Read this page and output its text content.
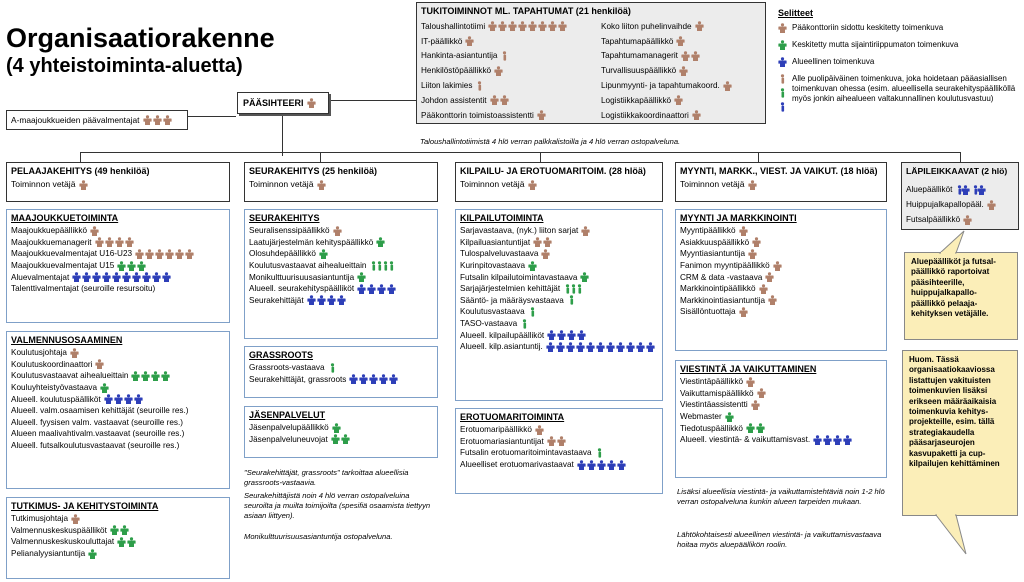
Organisaatiorakenne
(4 yhteistoiminta-aluetta)
A-maajoukkueiden päävalmentajat
PÄÄSIHTEERI
TUKITOIMINNOT ML. TAPAHTUMAT (21 henkilöä)
Taloushallintotiimi
IT-päällikkö
Hankinta-asiantuntija
Henkilöstöpäällikkö
Liiton lakimies
Johdon assistentit
Pääkonttorin toimistoassistentti
Koko liiton puhelinvaihde
Tapahtumapäällikkö
Tapahtumamanagerit
Turvallisuuspäällikkö
Lipunmyynti- ja tapahtumakoord.
Logistiikkapäällikkö
Logistiikkakoordinaattori
Taloushallintotiimistä 4 hlö verran palkkalistoilla ja 4 hlö verran ostopalveluna.
Selitteet
Pääkonttoriin sidottu keskitetty toimenkuva
Keskitetty mutta sijaintiriippumaton toimenkuva
Alueellinen toimenkuva
Alle puolipäiväinen toimenkuva, joka hoidetaan pääasiallisen toimenkuvan ohessa (esim. alueellisella seurakehityspäälliköllä myös jonkin aihealueen valtakunnallinen koulutusvastuu)
PELAAJAKEHITYS (49 henkilöä)
Toiminnon vetäjä
MAAJOUKKUETOIMINTA
Maajoukkuepäällikkö
Maajoukkuemanagerit
Maajoukkuevalmentajat U16-U23
Maajoukkuevalmentajat U15
Aluevalmentajat
Talenttivalmentajat (seuroille resursoitu)
VALMENNUSOSAAMINEN
Koulutusjohtaja
Koulutuskoordinaattori
Koulutusvastaavat aihealueittain
Kouluyhteistyövastaava
Alueell. koulutuspäälliköt
Alueell. valm.osaamisen kehittäjät (seuroille res.)
Alueell. fyysisen valm. vastaavat (seuroille res.)
Alueen maalivahtivalm.vastaavat (seuroille res.)
Alueell. futsalkoulutusvastaavat (seuroille res.)
TUTKIMUS- JA KEHITYSTOIMINTA
Tutkimusjohtaja
Valmennuskeskuspäälliköt
Valmennuskeskuskouluttajat
Pelianalyysiantuntija
SEURAKEHITYS (25 henkilöä)
Toiminnon vetäjä
SEURAKEHITYS
Seuralisenssipäällikkö
Laatujärjestelmän kehityspäällikkö
Olosuhdepäällikkö
Koulutusvastaavat aihealueittain
Monikulttuurisuusasiantuntija
Alueell. seurakehityspäälliköt
Seurakehittäjät
GRASSROOTS
Grassroots-vastaava
Seurakehittäjät, grassroots
JÄSENPALVELUT
Jäsenpalvelupäällikkö
Jäsenpalveluneuvojat
"Seurakehittäjät, grassroots" tarkoittaa alueellisia grassroots-vastaavia.
Seurakehittäjistä noin 4 hlö verran ostopalveluina seuroilta ja muilta toimijoilta (spesifiä osaamista tiettyyn asiaan liittyen).
Monikulttuurisuusasiantuntija ostopalveluna.
KILPAILU- JA EROTUOMARITOIM. (28 hlöä)
Toiminnon vetäjä
KILPAILUTOIMINTA
Sarjavastaava, (nyk.) liiton sarjat
Kilpailuasiantuntijat
Tulospalveluvastaava
Kurinpitovastaava
Futsalin kilpailutoimintavastaava
Sarjajärjestelmien kehittäjät
Sääntö- ja määräysvastaava
Koulutusvastaava
TASO-vastaava
Alueell. kilpailupäälliköt
Alueell. kilp.asiantuntij.
EROTUOMARITOIMINTA
Erotuomaripäällikkö
Erotuomariasiantuntijat
Futsalin erotuomaritoimintavastaava
Alueelliset erotuomarivastaavat
MYYNTI, MARKK., VIEST. JA VAIKUT. (18 hlöä)
Toiminnon vetäjä
MYYNTI JA MARKKINOINTI
Myyntipäällikkö
Asiakkuuspäällikkö
Myyntiasiantuntija
Fanimon myyntipäällikkö
CRM & data -vastaava
Markkinointipäällikkö
Markkinointiasiantuntija
Sisällöntuottaja
VIESTINTÄ JA VAIKUTTAMINEN
Viestintäpäällikkö
Vaikuttamispäällikkö
Viestintäassistentti
Webmaster
Tiedotuspäällikkö
Alueell. viestintä- & vaikuttamisvast.
Lisäksi alueellisia viestintä- ja vaikuttamistehtäviä noin 1-2 hlö verran ostopalveluna kunkin alueen tarpeiden mukaan.
Lähtökohtaisesti alueellinen viestintä- ja vaikuttamisvastaava hoitaa myös aluepäällikön roolin.
LÄPILEIKKAAVAT (2 hlö)
Aluepäälliköt
Huippujalkapallopääl.
Futsalpäällikkö
Aluepäälliköt ja futsal-päällikkö raportoivat pääsihteerille, huippujalkapallo-päällikkö pelaaja-kehityksen vetäjälle.
Huom. Tässä organisaatiokaaviossa listattujen vakituisten toimenkuvien lisäksi erikseen määräaikaisia toimenkuvia kehitys-projekteille, esim. tällä strategiakaudella pääsarjaseurojen kasvupaketti ja cup-kilpailujen kehittäminen
